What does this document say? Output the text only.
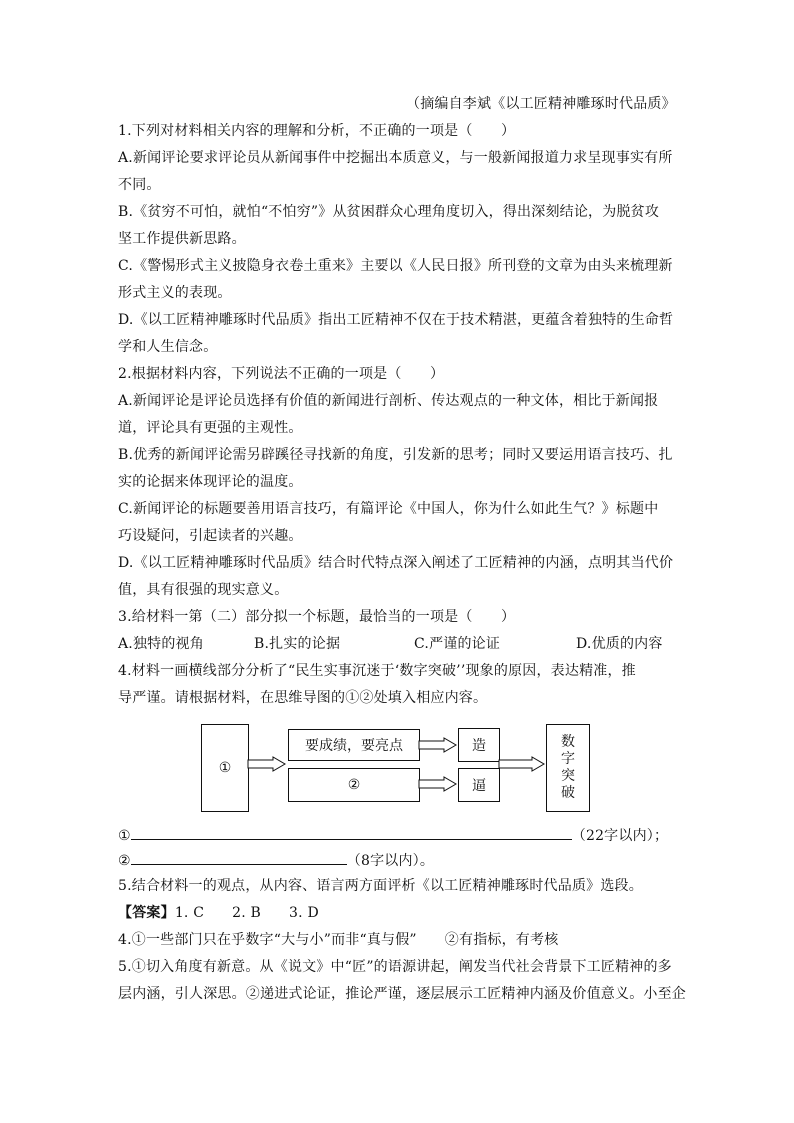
（摘编自李斌《以工匠精神雕琢时代品质》
1.下列对材料相关内容的理解和分析，不正确的一项是（　　）
A.新闻评论要求评论员从新闻事件中挖掘出本质意义，与一般新闻报道力求呈现事实有所
不同。
B.《贫穷不可怕，就怕“不怕穷”》从贫困群众心理角度切入，得出深刻结论，为脱贫攻
坚工作提供新思路。
C.《警惕形式主义披隐身衣卷土重来》主要以《人民日报》所刊登的文章为由头来梳理新
形式主义的表现。
D.《以工匠精神雕琢时代品质》指出工匠精神不仅在于技术精湛，更蕴含着独特的生命哲
学和人生信念。
2.根据材料内容，下列说法不正确的一项是（　　）
A.新闻评论是评论员选择有价值的新闻进行剖析、传达观点的一种文体，相比于新闻报
道，评论具有更强的主观性。
B.优秀的新闻评论需另辟蹊径寻找新的角度，引发新的思考；同时又要运用语言技巧、扎
实的论据来体现评论的温度。
C.新闻评论的标题要善用语言技巧，有篇评论《中国人，你为什么如此生气？》标题中
巧设疑问，引起读者的兴趣。
D.《以工匠精神雕琢时代品质》结合时代特点深入阐述了工匠精神的内涵，点明其当代价
值，具有很强的现实意义。
3.给材料一第（二）部分拟一个标题，最恰当的一项是（　　）
A.独特的视角	B.扎实的论据	C.严谨的论证	D.优质的内容
4.材料一画横线部分分析了“民生实事沉迷于‘数字突破’’现象的原因，表达精准，推
导严谨。请根据材料，在思维导图的①②处填入相应内容。
①
要成绩，要亮点
②
造
逼
数
字
突
破
①	（22字以内）；
②	（8字以内）。
5.结合材料一的观点，从内容、语言两方面评析《以工匠精神雕琢时代品质》选段。
【答案】1. C 2. B 3. D
4.①一些部门只在乎数字“大与小”而非“真与假” ②有指标，有考核
5.①切入角度有新意。从《说文》中“匠”的语源讲起，阐发当代社会背景下工匠精神的多
层内涵，引人深思。②递进式论证，推论严谨，逐层展示工匠精神内涵及价值意义。小至企
